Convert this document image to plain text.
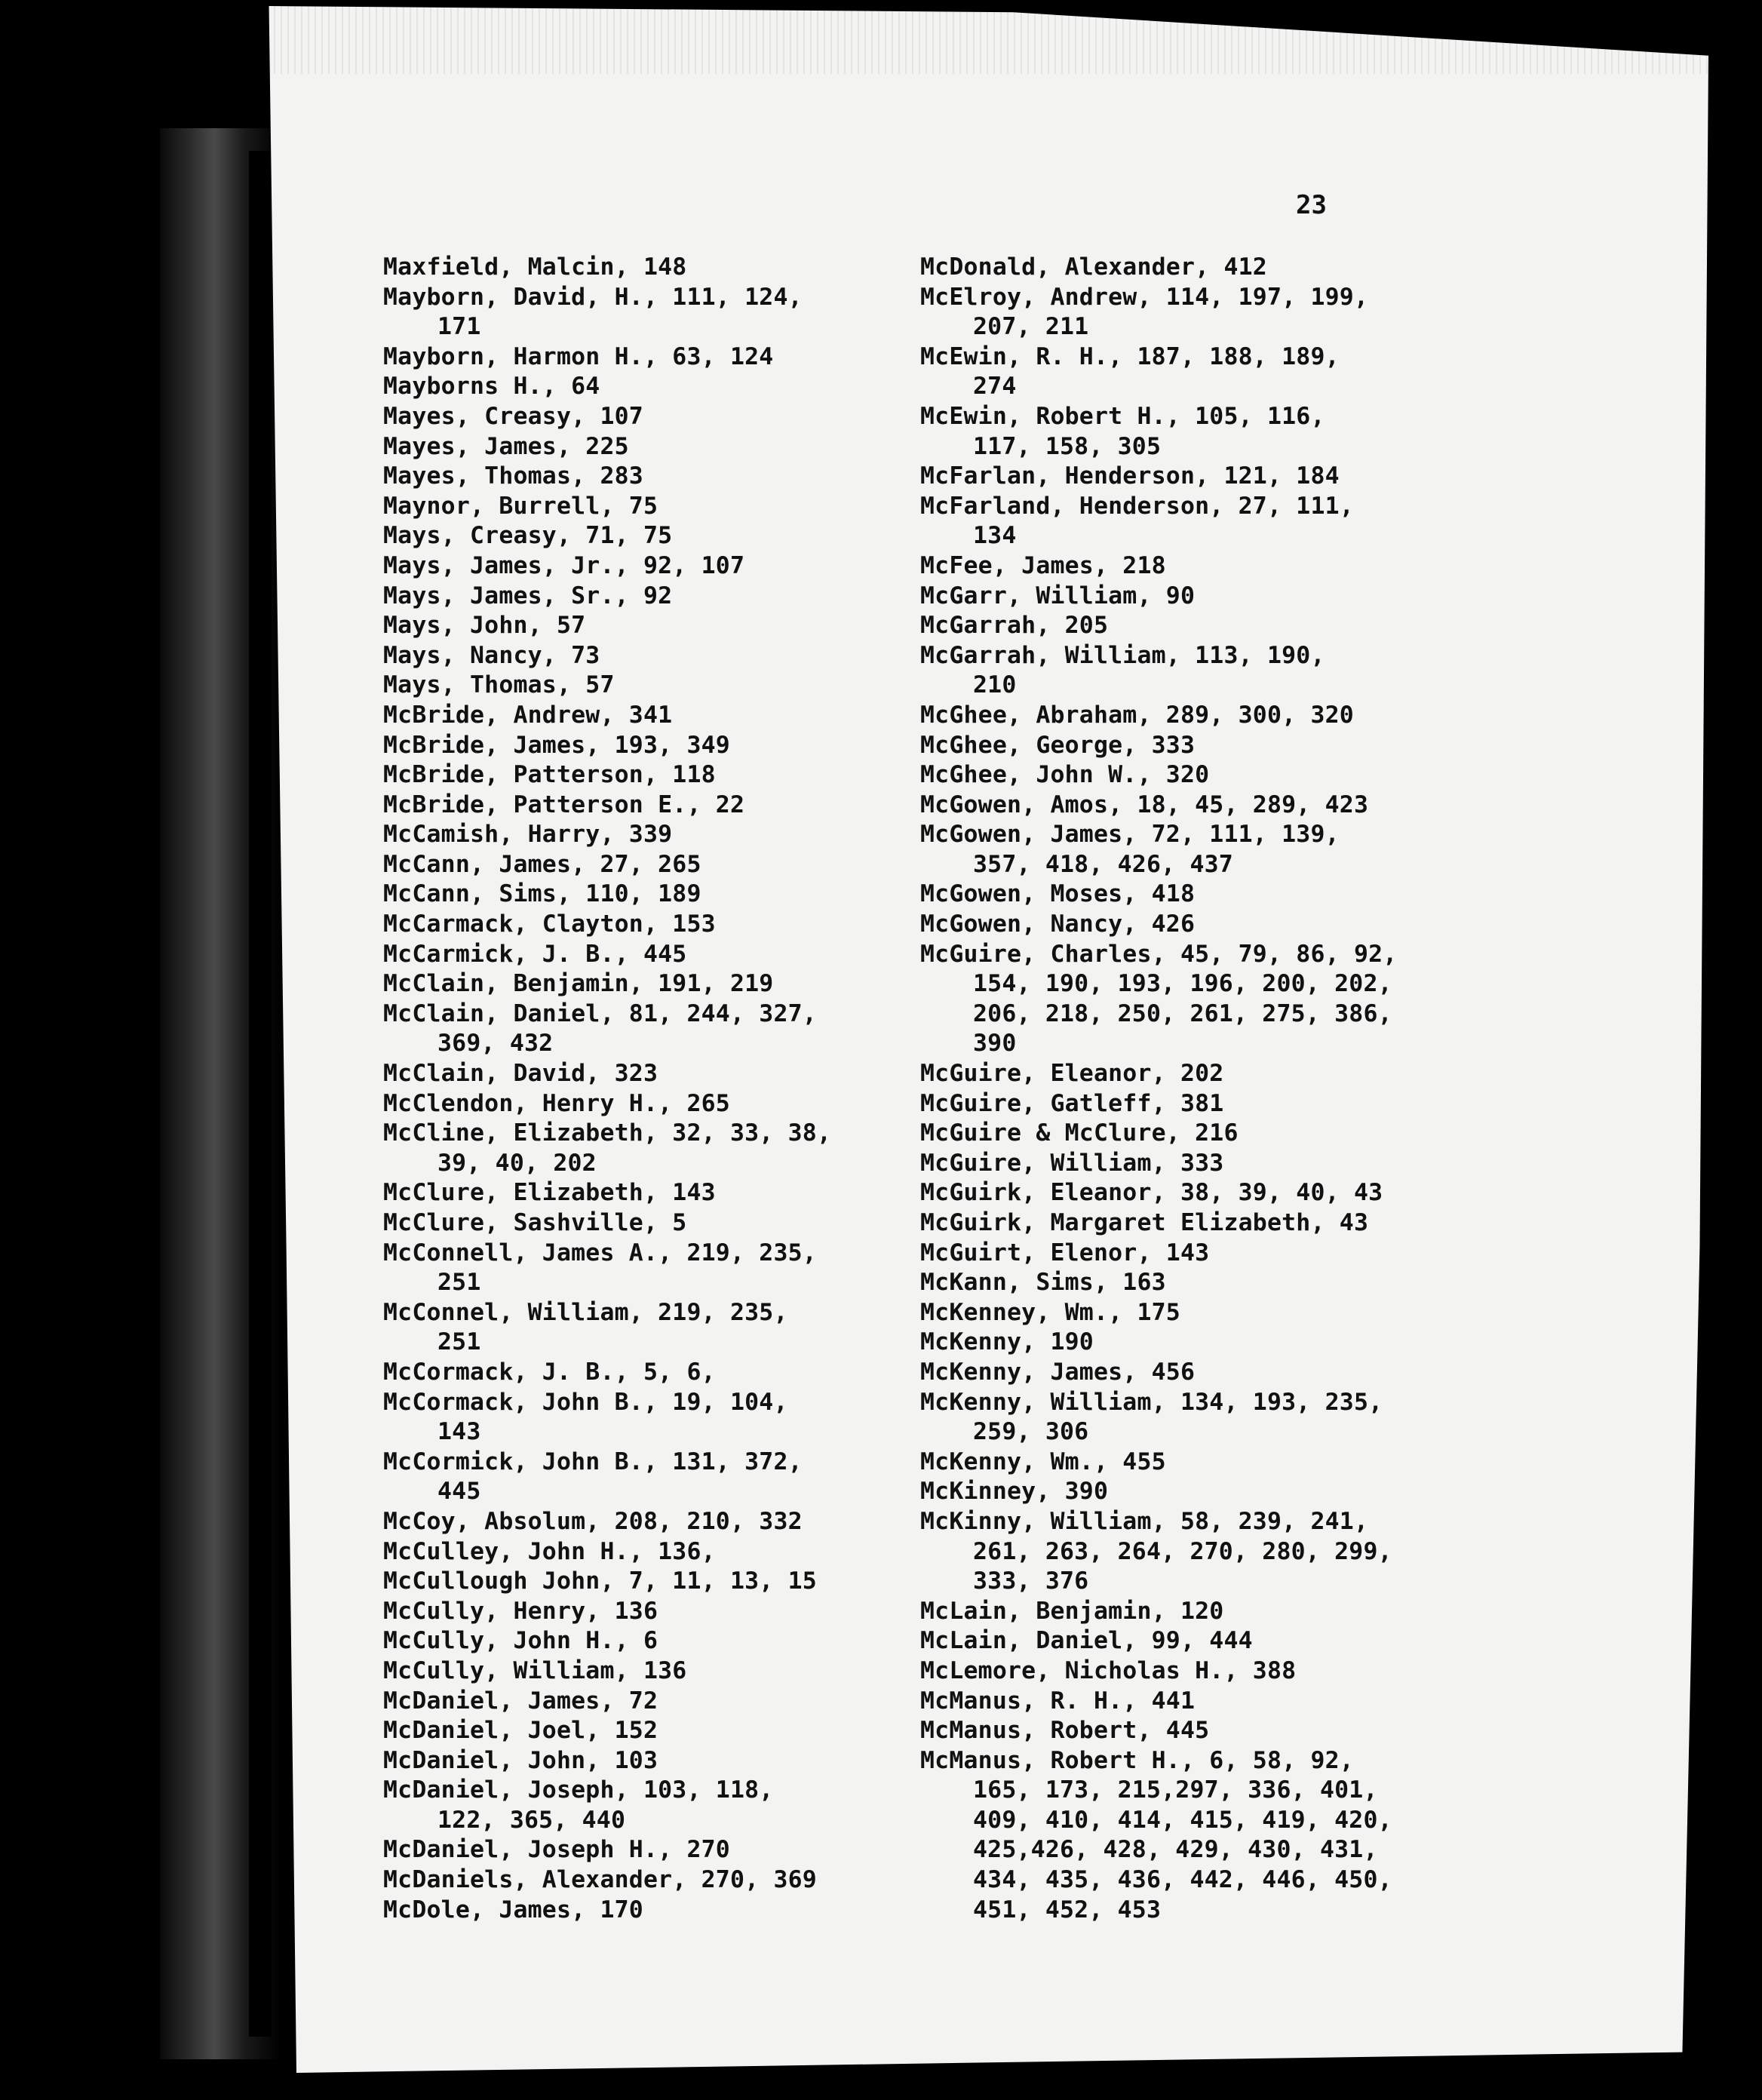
23
Maxfield, Malcin, 148
Mayborn, David, H., 111, 124,
171
Mayborn, Harmon H., 63, 124
Mayborns H., 64
Mayes, Creasy, 107
Mayes, James, 225
Mayes, Thomas, 283
Maynor, Burrell, 75
Mays, Creasy, 71, 75
Mays, James, Jr., 92, 107
Mays, James, Sr., 92
Mays, John, 57
Mays, Nancy, 73
Mays, Thomas, 57
McBride, Andrew, 341
McBride, James, 193, 349
McBride, Patterson, 118
McBride, Patterson E., 22
McCamish, Harry, 339
McCann, James, 27, 265
McCann, Sims, 110, 189
McCarmack, Clayton, 153
McCarmick, J. B., 445
McClain, Benjamin, 191, 219
McClain, Daniel, 81, 244, 327,
369, 432
McClain, David, 323
McClendon, Henry H., 265
McCline, Elizabeth, 32, 33, 38,
39, 40, 202
McClure, Elizabeth, 143
McClure, Sashville, 5
McConnell, James A., 219, 235,
251
McConnel, William, 219, 235,
251
McCormack, J. B., 5, 6,
McCormack, John B., 19, 104,
143
McCormick, John B., 131, 372,
445
McCoy, Absolum, 208, 210, 332
McCulley, John H., 136,
McCullough John, 7, 11, 13, 15
McCully, Henry, 136
McCully, John H., 6
McCully, William, 136
McDaniel, James, 72
McDaniel, Joel, 152
McDaniel, John, 103
McDaniel, Joseph, 103, 118,
122, 365, 440
McDaniel, Joseph H., 270
McDaniels, Alexander, 270, 369
McDole, James, 170
McDonald, Alexander, 412
McElroy, Andrew, 114, 197, 199,
207, 211
McEwin, R. H., 187, 188, 189,
274
McEwin, Robert H., 105, 116,
117, 158, 305
McFarlan, Henderson, 121, 184
McFarland, Henderson, 27, 111,
134
McFee, James, 218
McGarr, William, 90
McGarrah, 205
McGarrah, William, 113, 190,
210
McGhee, Abraham, 289, 300, 320
McGhee, George, 333
McGhee, John W., 320
McGowen, Amos, 18, 45, 289, 423
McGowen, James, 72, 111, 139,
357, 418, 426, 437
McGowen, Moses, 418
McGowen, Nancy, 426
McGuire, Charles, 45, 79, 86, 92,
154, 190, 193, 196, 200, 202,
206, 218, 250, 261, 275, 386,
390
McGuire, Eleanor, 202
McGuire, Gatleff, 381
McGuire & McClure, 216
McGuire, William, 333
McGuirk, Eleanor, 38, 39, 40, 43
McGuirk, Margaret Elizabeth, 43
McGuirt, Elenor, 143
McKann, Sims, 163
McKenney, Wm., 175
McKenny, 190
McKenny, James, 456
McKenny, William, 134, 193, 235,
259, 306
McKenny, Wm., 455
McKinney, 390
McKinny, William, 58, 239, 241,
261, 263, 264, 270, 280, 299,
333, 376
McLain, Benjamin, 120
McLain, Daniel, 99, 444
McLemore, Nicholas H., 388
McManus, R. H., 441
McManus, Robert, 445
McManus, Robert H., 6, 58, 92,
165, 173, 215,297, 336, 401,
409, 410, 414, 415, 419, 420,
425,426, 428, 429, 430, 431,
434, 435, 436, 442, 446, 450,
451, 452, 453
